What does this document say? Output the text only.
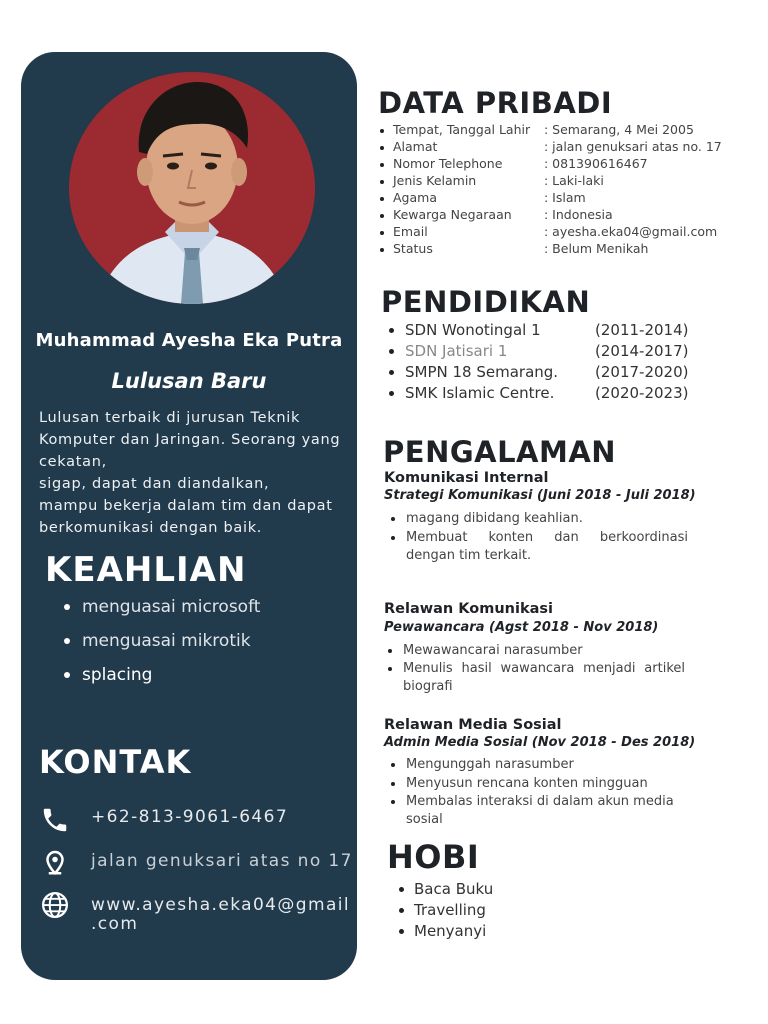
Muhammad Ayesha Eka Putra
Lulusan Baru
Lulusan terbaik di jurusan Teknik
Komputer dan Jaringan. Seorang yang
cekatan,
sigap, dapat dan diandalkan,
mampu bekerja dalam tim dan dapat
berkomunikasi dengan baik.
KEAHLIAN
menguasai microsoft
menguasai mikrotik
splacing
KONTAK
+62-813-9061-6467
jalan genuksari atas no 17
www.ayesha.eka04@gmail
.com
DATA PRIBADI
Tempat, Tanggal Lahir : Semarang, 4 Mei 2005
Alamat	: jalan genuksari atas no. 17
Nomor Telephone	: 081390616467
Jenis Kelamin	: Laki-laki
Agama	: Islam
Kewarga Negaraan	: Indonesia
Email	: ayesha.eka04@gmail.com
Status	: Belum Menikah
PENDIDIKAN
SDN Wonotingal 1	(2011-2014)
SDN Jatisari 1	(2014-2017)
SMPN 18 Semarang. (2017-2020)
SMK Islamic Centre.	(2020-2023)
PENGALAMAN
Komunikasi Internal
Strategi Komunikasi (Juni 2018 - Juli 2018)
magang dibidang keahlian.
Membuat konten dan berkoordinasi
dengan tim terkait.
Relawan Komunikasi
Pewawancara (Agst 2018 - Nov 2018)
Mewawancarai narasumber
Menulis hasil wawancara menjadi artikel
biografi
Relawan Media Sosial
Admin Media Sosial (Nov 2018 - Des 2018)
Mengunggah narasumber
Menyusun rencana konten mingguan
Membalas interaksi di dalam akun media
sosial
HOBI
Baca Buku
Travelling
Menyanyi
